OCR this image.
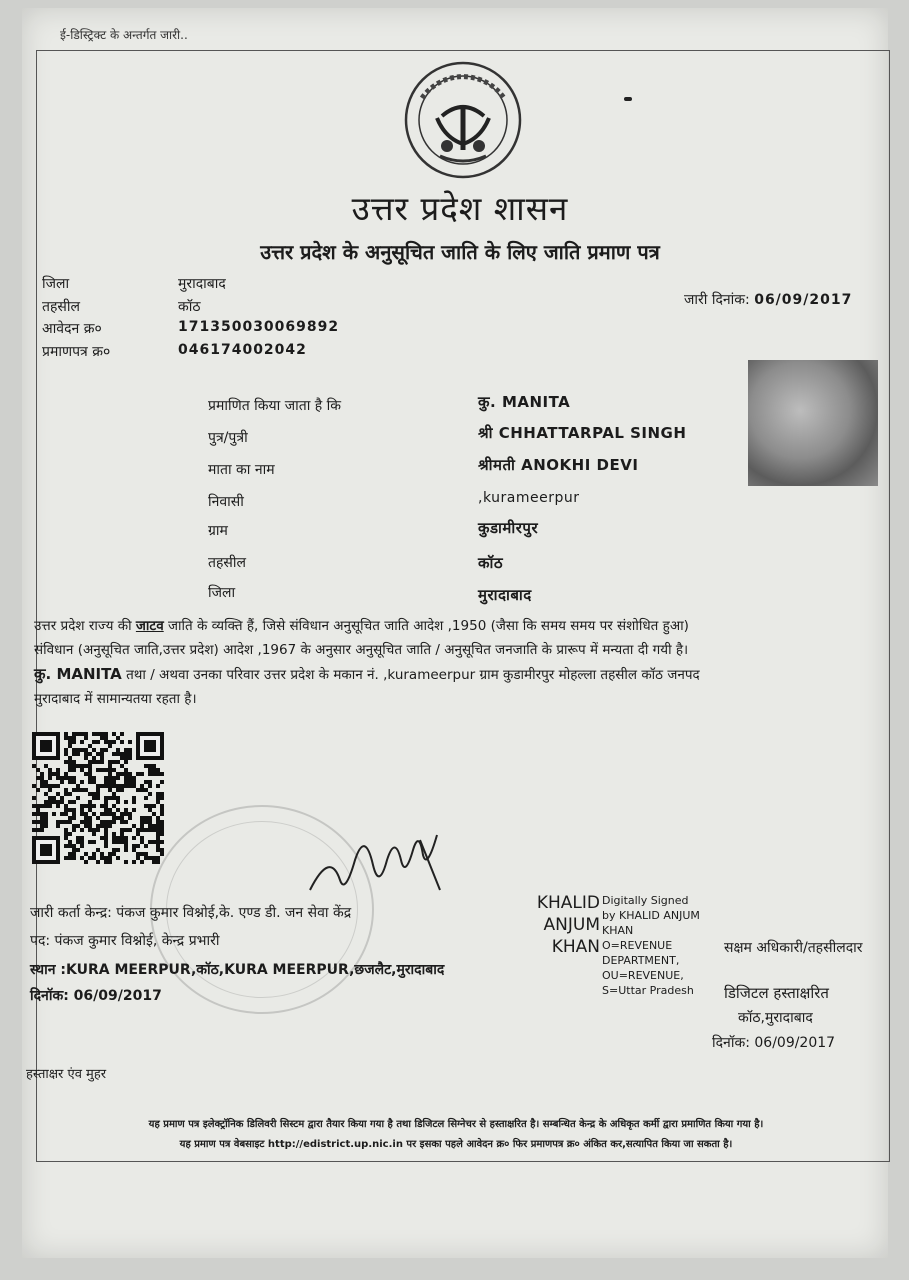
ई-डिस्ट्रिक्ट के अन्तर्गत जारी..
उत्तर प्रदेश शासन
उत्तर प्रदेश के अनुसूचित जाति के लिए जाति प्रमाण पत्र
जिला	मुरादाबाद
तहसील	कॉठ
आवेदन क्र०	171350030069892
प्रमाणपत्र क्र०	046174002042
जारी दिनांक: 06/09/2017
प्रमाणित किया जाता है कि	कु. MANITA
पुत्र/पुत्री	श्री CHHATTARPAL SINGH
माता का नाम	श्रीमती ANOKHI DEVI
निवासी	,kurameerpur
ग्राम	कुडामीरपुर
तहसील	कॉठ
जिला	मुरादाबाद

उत्तर प्रदेश राज्य की जाटव जाति के व्यक्ति हैं, जिसे संविधान अनुसूचित जाति आदेश ,1950 (जैसा कि समय समय पर संशोधित हुआ)

संविधान (अनुसूचित जाति,उत्तर प्रदेश) आदेश ,1967 के अनुसार अनुसूचित जाति / अनुसूचित जनजाति के प्रारूप में मन्यता दी गयी है।

कु. MANITA तथा / अथवा उनका परिवार उत्तर प्रदेश के मकान नं. ,kurameerpur ग्राम कुडामीरपुर मोहल्ला तहसील कॉठ जनपद

मुरादाबाद में सामान्यतया रहता है।

जारी कर्ता केन्द्र: पंकज कुमार विश्नोई,के. एण्ड डी. जन सेवा केंद्र
पद: पंकज कुमार विश्नोई, केन्द्र प्रभारी
स्थान :KURA MEERPUR,कॉठ,KURA MEERPUR,छजलैट,मुरादाबाद
दिनॉक: 06/09/2017
KHALID ANJUM KHAN
Digitally Signed by KHALID ANJUM KHAN O=REVENUE DEPARTMENT, OU=REVENUE, S=Uttar Pradesh
सक्षम अधिकारी/तहसीलदार
डिजिटल हस्ताक्षरित
कॉठ,मुरादाबाद
दिनॉक: 06/09/2017
हस्ताक्षर एंव मुहर
यह प्रमाण पत्र इलेक्ट्रॉनिक डिलिवरी सिस्टम द्वारा तैयार किया गया है तथा डिजिटल सिग्नेचर से हस्ताक्षरित है। सम्बन्धित केन्द्र के अधिकृत कर्मी द्वारा प्रमाणित किया गया है।
यह प्रमाण पत्र वेबसाइट http://edistrict.up.nic.in पर इसका पहले आवेदन क्र० फिर प्रमाणपत्र क्र० अंकित कर,सत्यापित किया जा सकता है।
